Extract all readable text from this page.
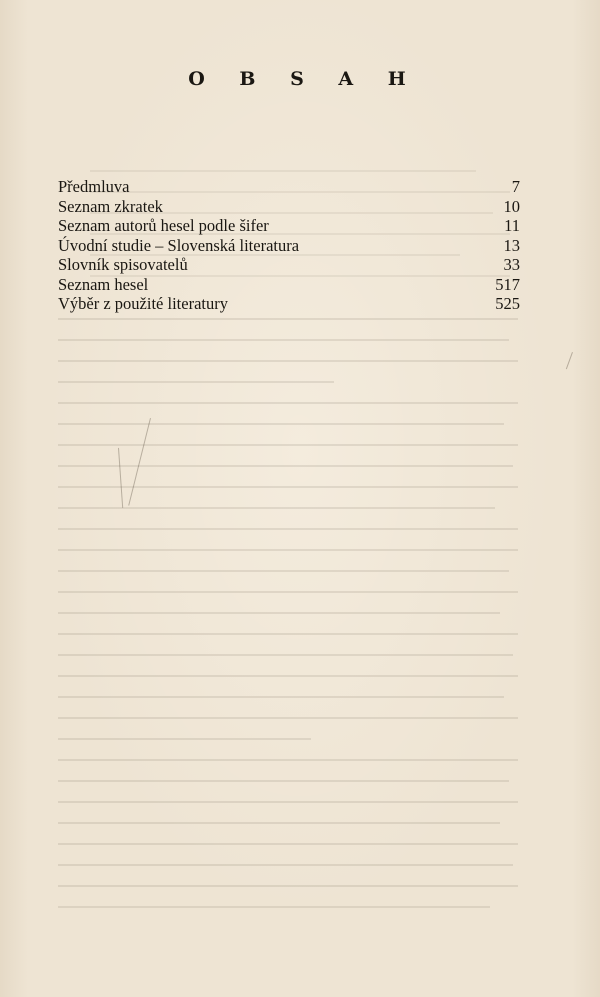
O B S A H
Předmluva	7
Seznam zkratek	10
Seznam autorů hesel podle šifer	11
Úvodní studie – Slovenská literatura	13
Slovník spisovatelů	33
Seznam hesel	517
Výběr z použité literatury	525
